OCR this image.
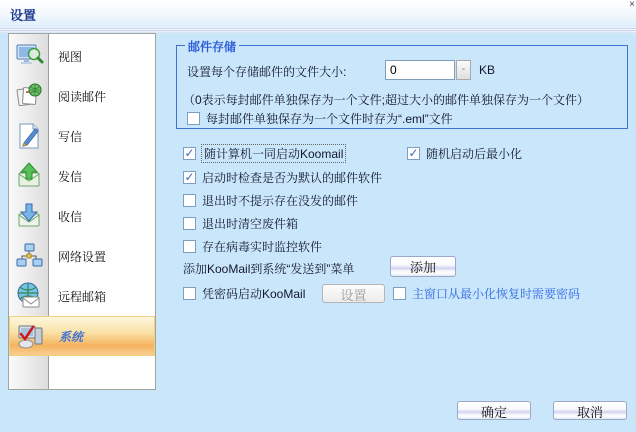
设置
×
视图
阅读邮件
写信
发信
收信
网络设置
远程邮箱
系统
邮件存储
设置每个存储邮件的文件大小:
0	-	KB
（0表示每封邮件单独保存为一个文件;超过大小的邮件单独保存为一个文件）
每封邮件单独保存为一个文件时存为“.eml”文件
✓ 随计算机一同启动Koomail	✓ 随机启动后最小化
✓ 启动时检查是否为默认的邮件软件
退出时不提示存在没发的邮件
退出时清空废件箱
存在病毒实时监控软件
添加KooMail到系统“发送到”菜单	添加
凭密码启动KooMail	设置	主窗口从最小化恢复时需要密码
确定	取消
